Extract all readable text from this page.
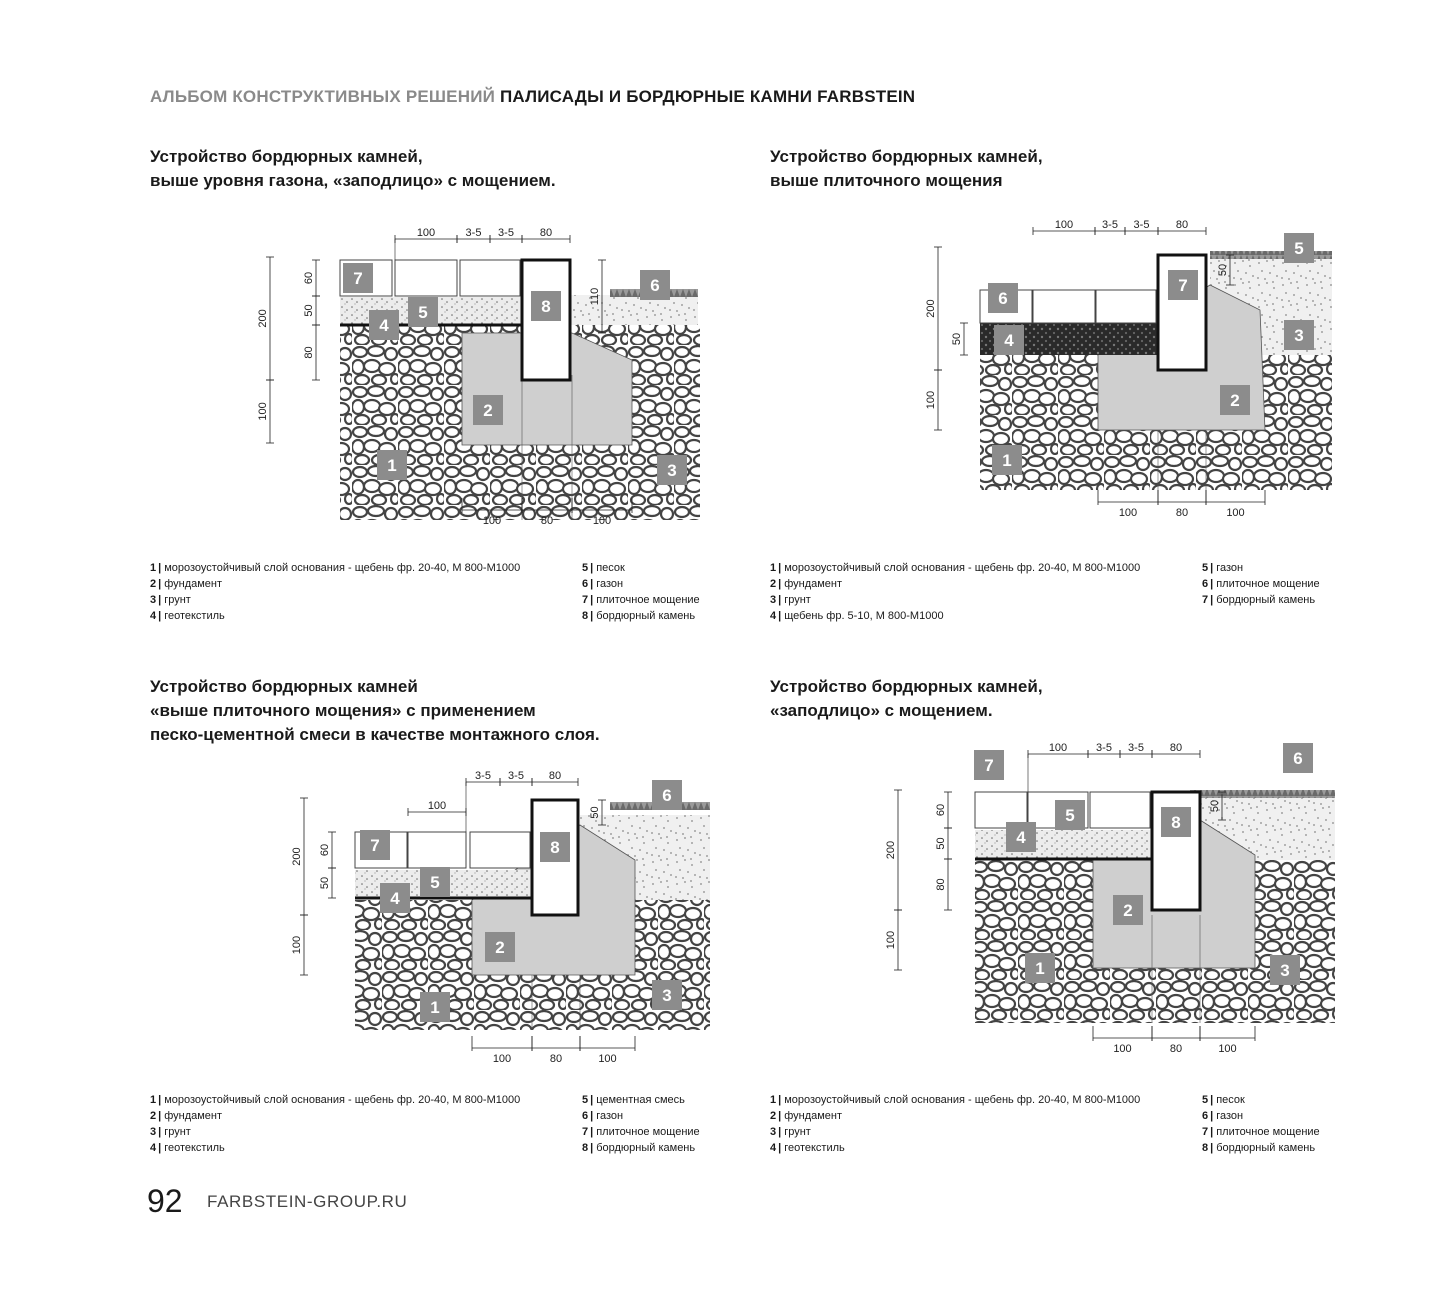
АЛЬБОМ КОНСТРУКТИВНЫХ РЕШЕНИЙ ПАЛИСАДЫ И БОРДЮРНЫЕ КАМНИ FARBSTEIN
Устройство бордюрных камней,
выше уровня газона, «заподлицо» с мощением.
100	3-5 3-5 80
200
60
50
80
100
110
100	80	100
1
2
3
4
5
6
7
8
1 | морозоустойчивый слой основания - щебень фр. 20-40, М 800-М1000
2 | фундамент
3 | грунт
4 | геотекстиль
5 | песок
6 | газон
7 | плиточное мощение
8 | бордюрный камень
Устройство бордюрных камней,
выше плиточного мощения
100	3-5 3-5 80
200
50
100
50
100	80	100
1
2
3
4
5
6
7
1 | морозоустойчивый слой основания - щебень фр. 20-40, М 800-М1000
2 | фундамент
3 | грунт
4 | щебень фр. 5-10, М 800-М1000
5 | газон
6 | плиточное мощение
7 | бордюрный камень
Устройство бордюрных камней
«выше плиточного мощения» с применением
песко-цементной смеси в качестве монтажного слоя.
100
3-5 3-5 80
200 60
50
100
50
100	80	100
1
2
3
4
5
6
7	8
1 | морозоустойчивый слой основания - щебень фр. 20-40, М 800-М1000
2 | фундамент
3 | грунт
4 | геотекстиль
5 | цементная смесь
6 | газон
7 | плиточное мощение
8 | бордюрный камень
Устройство бордюрных камней,
«заподлицо» с мощением.
100	3-5 3-5 80
200
60
50
80
100
50
100	80	100
1
2
3
4
5
6
7
8
1 | морозоустойчивый слой основания - щебень фр. 20-40, М 800-М1000
2 | фундамент
3 | грунт
4 | геотекстиль
5 | песок
6 | газон
7 | плиточное мощение
8 | бордюрный камень
92 FARBSTEIN-GROUP.RU
